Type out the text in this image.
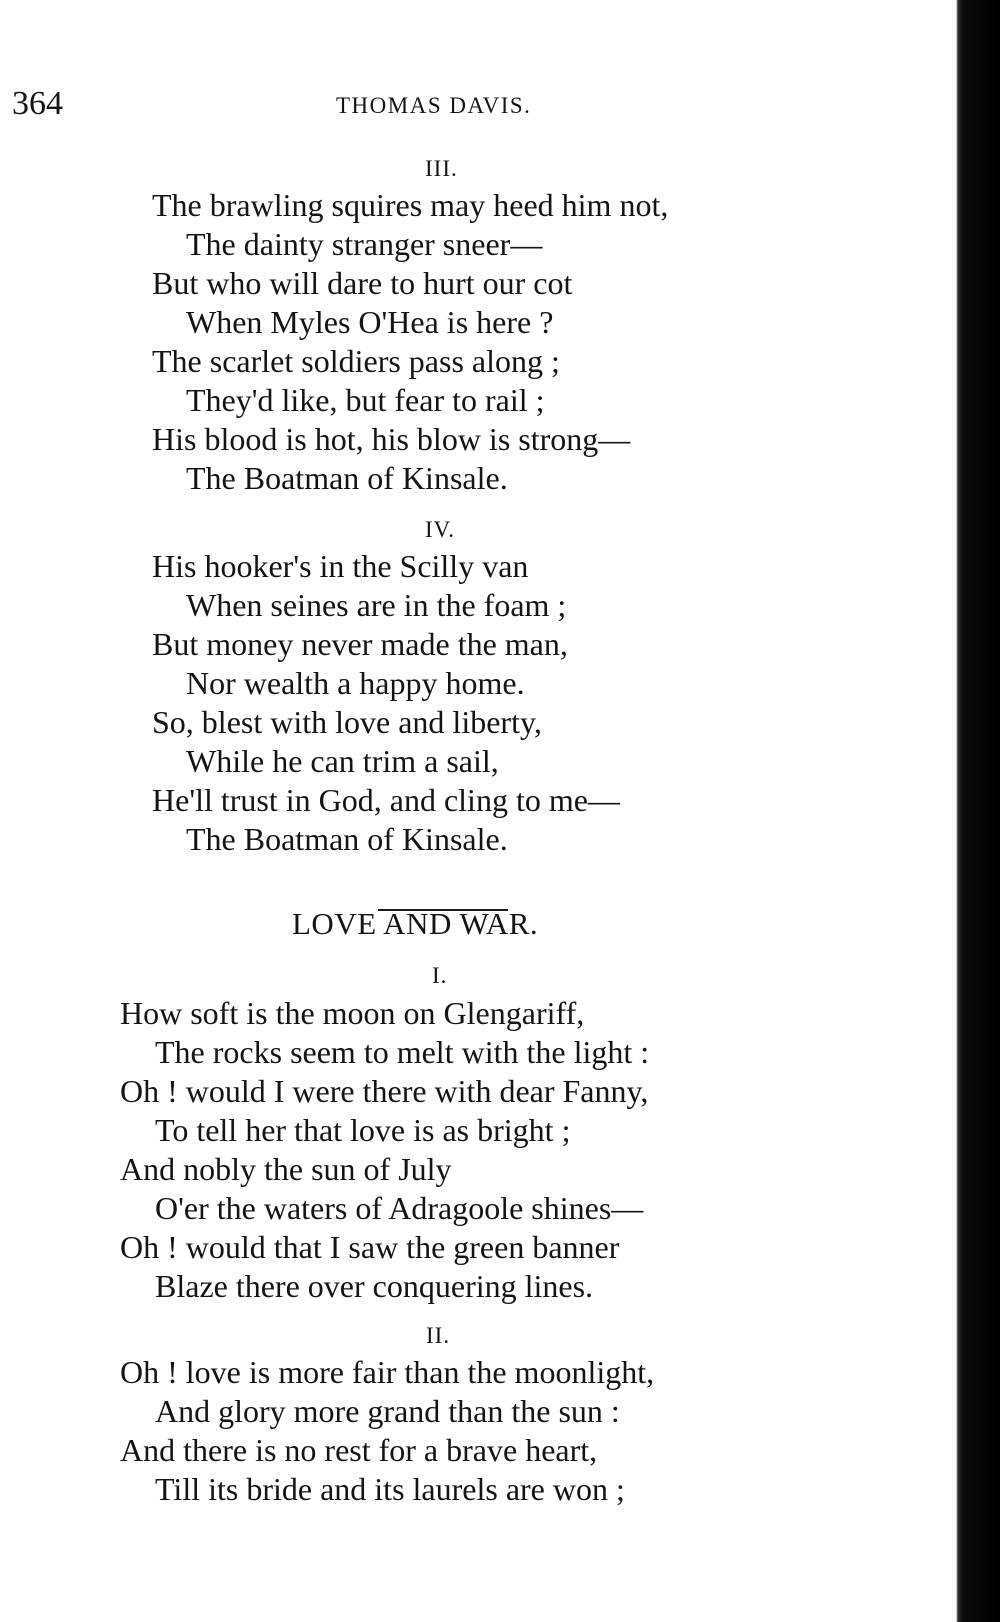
364	THOMAS DAVIS.
III.
The brawling squires may heed him not,
The dainty stranger sneer—
But who will dare to hurt our cot
When Myles O'Hea is here ?
The scarlet soldiers pass along ;
They'd like, but fear to rail ;
His blood is hot, his blow is strong—
The Boatman of Kinsale.
IV.
His hooker's in the Scilly van
When seines are in the foam ;
But money never made the man,
Nor wealth a happy home.
So, blest with love and liberty,
While he can trim a sail,
He'll trust in God, and cling to me—
The Boatman of Kinsale.
LOVE AND WAR.
I.
How soft is the moon on Glengariff,
The rocks seem to melt with the light :
Oh ! would I were there with dear Fanny,
To tell her that love is as bright ;
And nobly the sun of July
O'er the waters of Adragoole shines—
Oh ! would that I saw the green banner
Blaze there over conquering lines.
II.
Oh ! love is more fair than the moonlight,
And glory more grand than the sun :
And there is no rest for a brave heart,
Till its bride and its laurels are won ;
